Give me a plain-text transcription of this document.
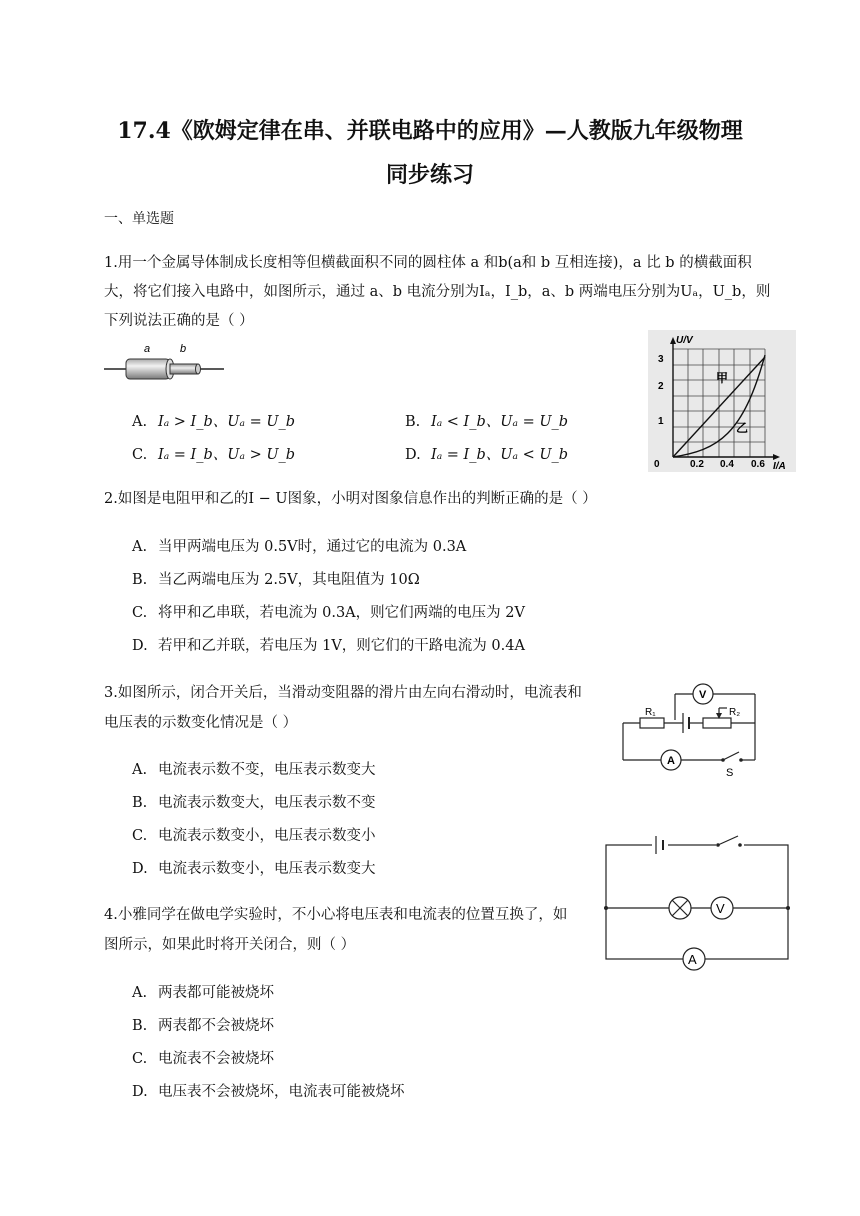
17.4《欧姆定律在串、并联电路中的应用》—人教版九年级物理
同步练习
一、单选题
1.用一个金属导体制成长度相等但横截面积不同的圆柱体 a 和b(a和 b 互相连接)，a 比 b 的横截面积
大，将它们接入电路中，如图所示，通过 a、b 电流分别为Iₐ，I_b，a、b 两端电压分别为Uₐ，U_b，则
下列说法正确的是（ ）
a	b
A. Iₐ > I_b、Uₐ = U_b	B. Iₐ < I_b、Uₐ = U_b
C. Iₐ = I_b、Uₐ > U_b	D. Iₐ = I_b、Uₐ < U_b
U/V
I/A
1
2
3
0	0.2 0.4 0.6
甲
乙
2.如图是电阻甲和乙的I − U图象，小明对图象信息作出的判断正确的是（ ）
A. 当甲两端电压为 0.5V时，通过它的电流为 0.3A
B. 当乙两端电压为 2.5V，其电阻值为 10Ω
C. 将甲和乙串联，若电流为 0.3A，则它们两端的电压为 2V
D. 若甲和乙并联，若电压为 1V，则它们的干路电流为 0.4A
3.如图所示，闭合开关后，当滑动变阻器的滑片由左向右滑动时，电流表和
电压表的示数变化情况是（ ）
V
A
R₁	R₂
S
A. 电流表示数不变，电压表示数变大
B. 电流表示数变大，电压表示数不变
C. 电流表示数变小，电压表示数变小
D. 电流表示数变小，电压表示数变大
V
A
4.小雅同学在做电学实验时，不小心将电压表和电流表的位置互换了，如
图所示，如果此时将开关闭合，则（ ）
A. 两表都可能被烧坏
B. 两表都不会被烧坏
C. 电流表不会被烧坏
D. 电压表不会被烧坏，电流表可能被烧坏
